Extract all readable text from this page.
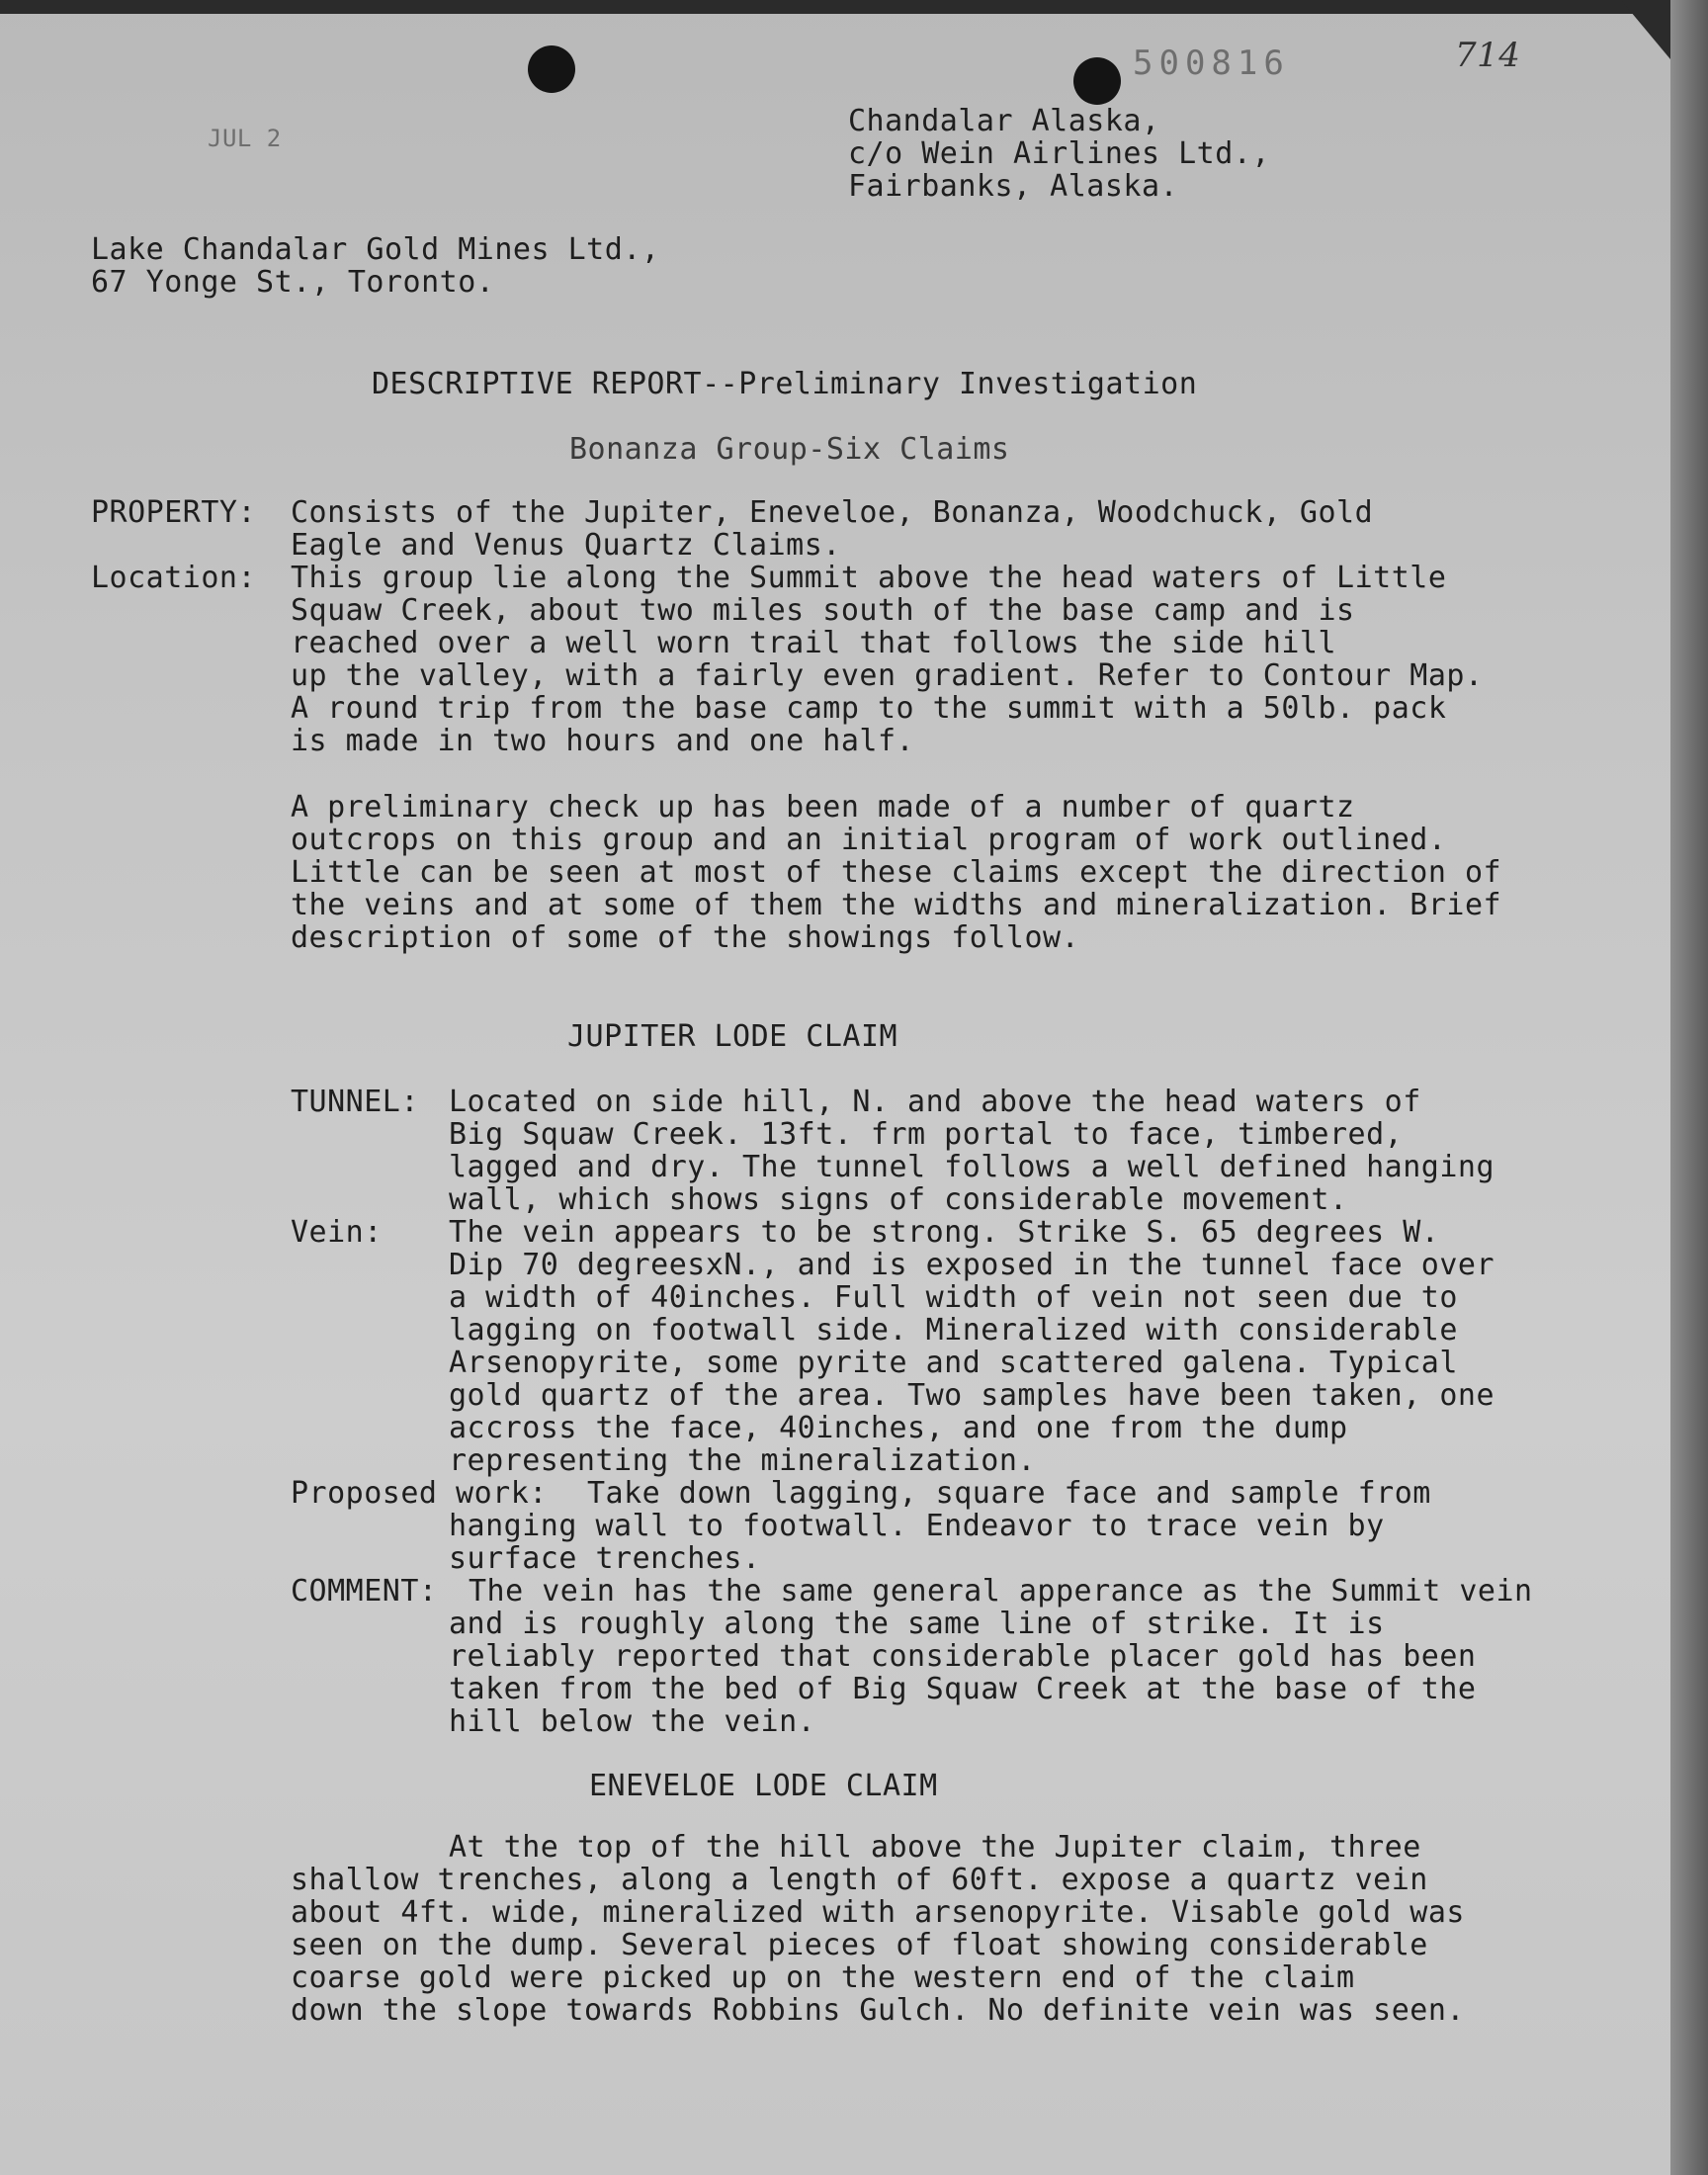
JUL 2
500816	714
Chandalar Alaska,
c/o Wein Airlines Ltd.,
Fairbanks, Alaska.
Lake Chandalar Gold Mines Ltd.,
67 Yonge St., Toronto.
DESCRIPTIVE REPORT--Preliminary Investigation
Bonanza Group-Six Claims
PROPERTY: Consists of the Jupiter, Eneveloe, Bonanza, Woodchuck, Gold
Eagle and Venus Quartz Claims.
Location: This group lie along the Summit above the head waters of Little
Squaw Creek, about two miles south of the base camp and is
reached over a well worn trail that follows the side hill
up the valley, with a fairly even gradient. Refer to Contour Map.
A round trip from the base camp to the summit with a 50lb. pack
is made in two hours and one half.
A preliminary check up has been made of a number of quartz
outcrops on this group and an initial program of work outlined.
Little can be seen at most of these claims except the direction of
the veins and at some of them the widths and mineralization. Brief
description of some of the showings follow.
JUPITER LODE CLAIM
TUNNEL: Located on side hill, N. and above the head waters of
Big Squaw Creek. 13ft. frm portal to face, timbered,
lagged and dry. The tunnel follows a well defined hanging
wall, which shows signs of considerable movement.
Vein: The vein appears to be strong. Strike S. 65 degrees W.
Dip 70 degreesxN., and is exposed in the tunnel face over
a width of 40inches. Full width of vein not seen due to
lagging on footwall side. Mineralized with considerable
Arsenopyrite, some pyrite and scattered galena. Typical
gold quartz of the area. Two samples have been taken, one
accross the face, 40inches, and one from the dump
representing the mineralization.
Proposed work: Take down lagging, square face and sample from
hanging wall to footwall. Endeavor to trace vein by
surface trenches.
COMMENT: The vein has the same general apperance as the Summit vein
and is roughly along the same line of strike. It is
reliably reported that considerable placer gold has been
taken from the bed of Big Squaw Creek at the base of the
hill below the vein.
ENEVELOE LODE CLAIM
At the top of the hill above the Jupiter claim, three
shallow trenches, along a length of 60ft. expose a quartz vein
about 4ft. wide, mineralized with arsenopyrite. Visable gold was
seen on the dump. Several pieces of float showing considerable
coarse gold were picked up on the western end of the claim
down the slope towards Robbins Gulch. No definite vein was seen.
